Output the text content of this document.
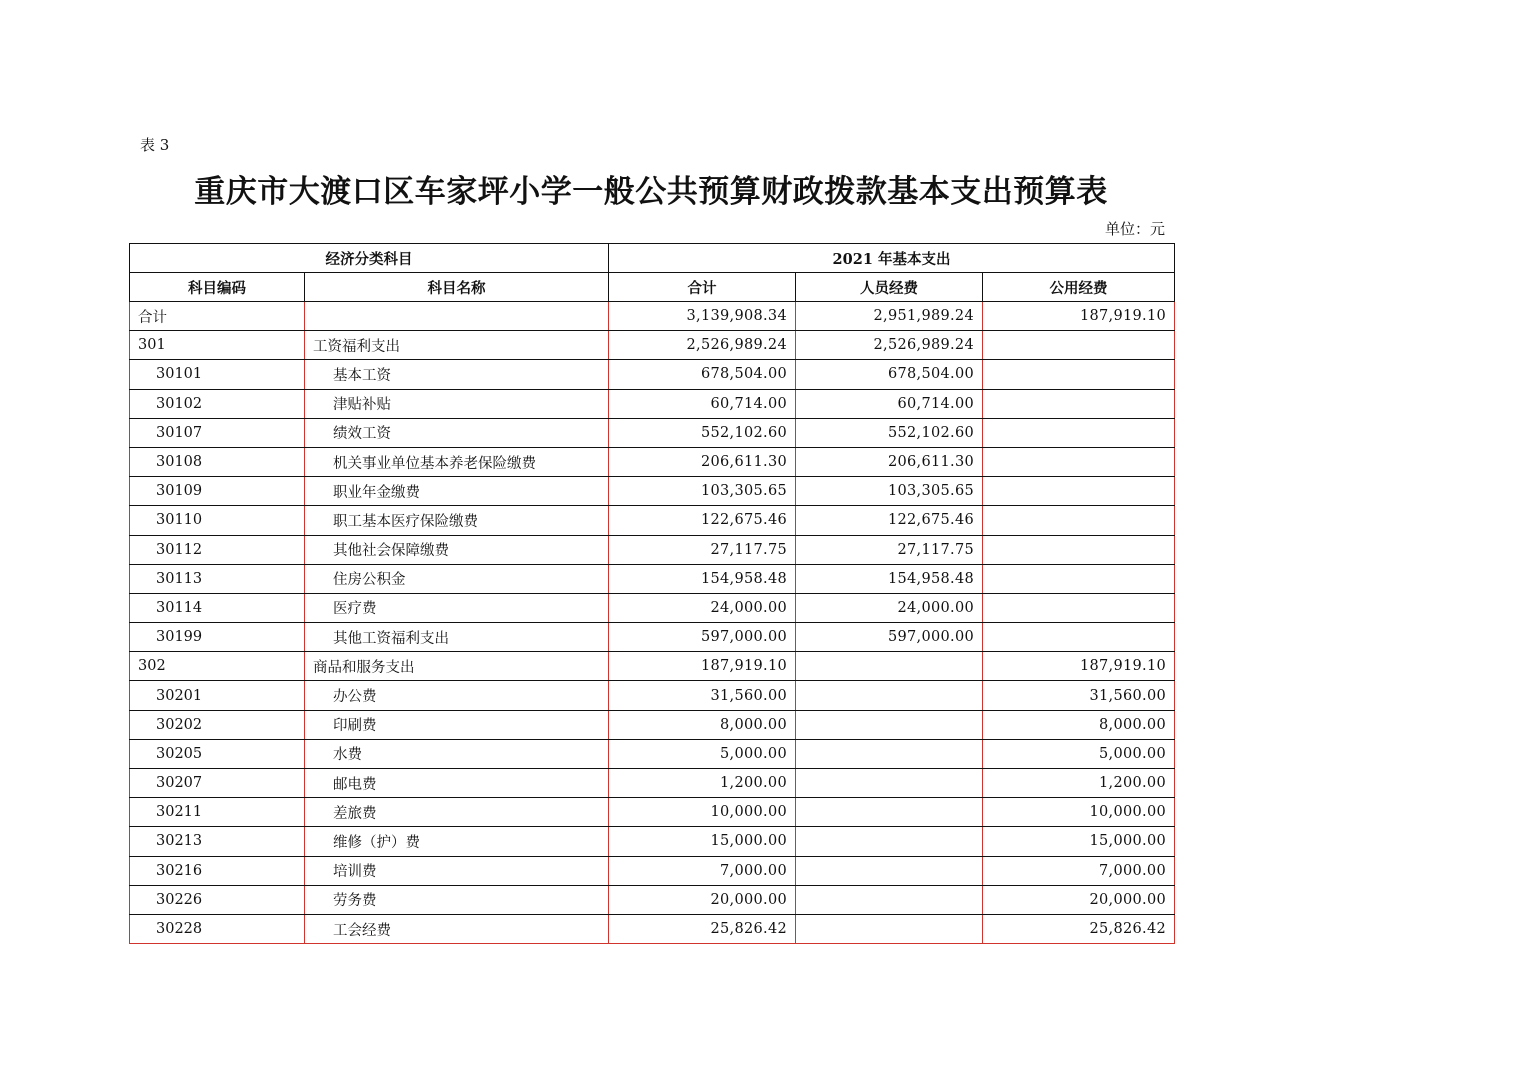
表 3
重庆市大渡口区车家坪小学一般公共预算财政拨款基本支出预算表
单位：元
经济分类科目		2021 年基本支出		
科目编码	科目名称	合计	人员经费	公用经费
合计		3,139,908.34	2,951,989.24	187,919.10
301	工资福利支出	2,526,989.24	2,526,989.24	
30101	基本工资	678,504.00	678,504.00	
30102	津贴补贴	60,714.00	60,714.00	
30107	绩效工资	552,102.60	552,102.60	
30108	机关事业单位基本养老保险缴费	206,611.30	206,611.30	
30109	职业年金缴费	103,305.65	103,305.65	
30110	职工基本医疗保险缴费	122,675.46	122,675.46	
30112	其他社会保障缴费	27,117.75	27,117.75	
30113	住房公积金	154,958.48	154,958.48	
30114	医疗费	24,000.00	24,000.00	
30199	其他工资福利支出	597,000.00	597,000.00	
302	商品和服务支出	187,919.10		187,919.10
30201	办公费	31,560.00		31,560.00
30202	印刷费	8,000.00		8,000.00
30205	水费	5,000.00		5,000.00
30207	邮电费	1,200.00		1,200.00
30211	差旅费	10,000.00		10,000.00
30213	维修（护）费	15,000.00		15,000.00
30216	培训费	7,000.00		7,000.00
30226	劳务费	20,000.00		20,000.00
30228	工会经费	25,826.42		25,826.42
